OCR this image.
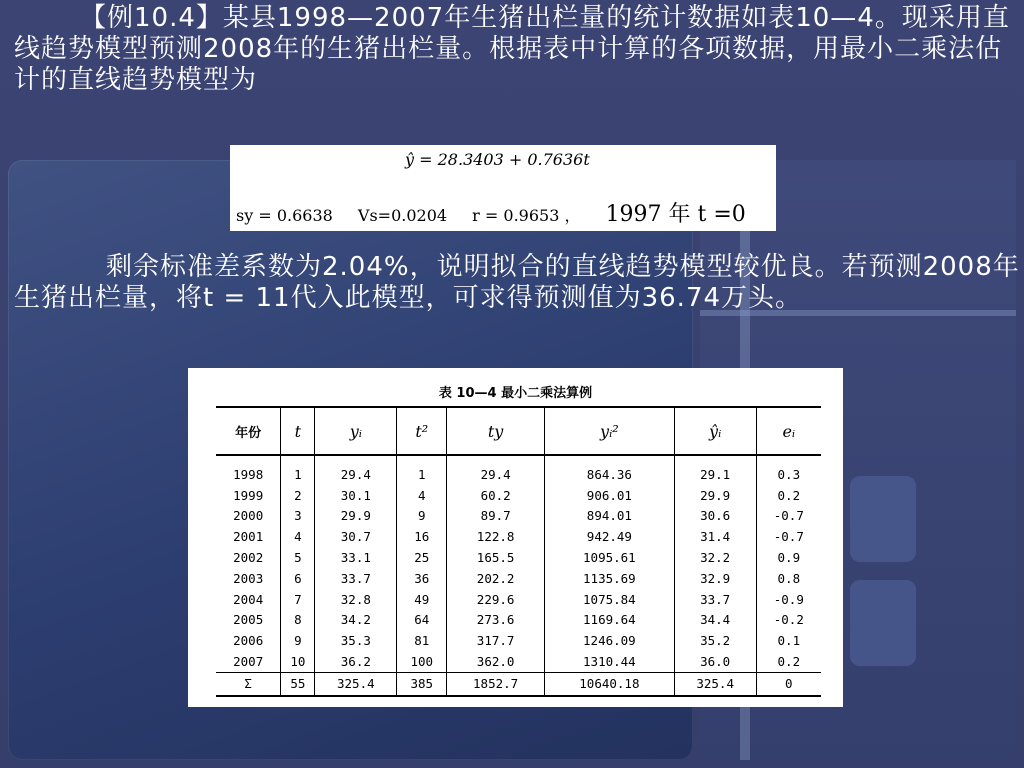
【例10.4】某县1998—2007年生猪出栏量的统计数据如表10—4。现采用直线趋势模型预测2008年的生猪出栏量。根据表中计算的各项数据，用最小二乘法估计的直线趋势模型为
ŷ = 28.3403 + 0.7636t
sy = 0.6638 Vs=0.0204 r = 0.9653 ， 1997 年 t =0
剩余标准差系数为2.04%，说明拟合的直线趋势模型较优良。若预测2008年生猪出栏量，将t = 11代入此模型，可求得预测值为36.74万头。
表 10—4 最小二乘法算例
年份	t	yᵢ	t²	ty	yᵢ²	ŷᵢ	eᵢ
1998	1	29.4	1	29.4	864.36	29.1	0.3
1999	2	30.1	4	60.2	906.01	29.9	0.2
2000	3	29.9	9	89.7	894.01	30.6	-0.7
2001	4	30.7	16	122.8	942.49	31.4	-0.7
2002	5	33.1	25	165.5	1095.61	32.2	0.9
2003	6	33.7	36	202.2	1135.69	32.9	0.8
2004	7	32.8	49	229.6	1075.84	33.7	-0.9
2005	8	34.2	64	273.6	1169.64	34.4	-0.2
2006	9	35.3	81	317.7	1246.09	35.2	0.1
2007	10	36.2	100	362.0	1310.44	36.0	0.2
Σ	55	325.4	385	1852.7	10640.18	325.4	0
